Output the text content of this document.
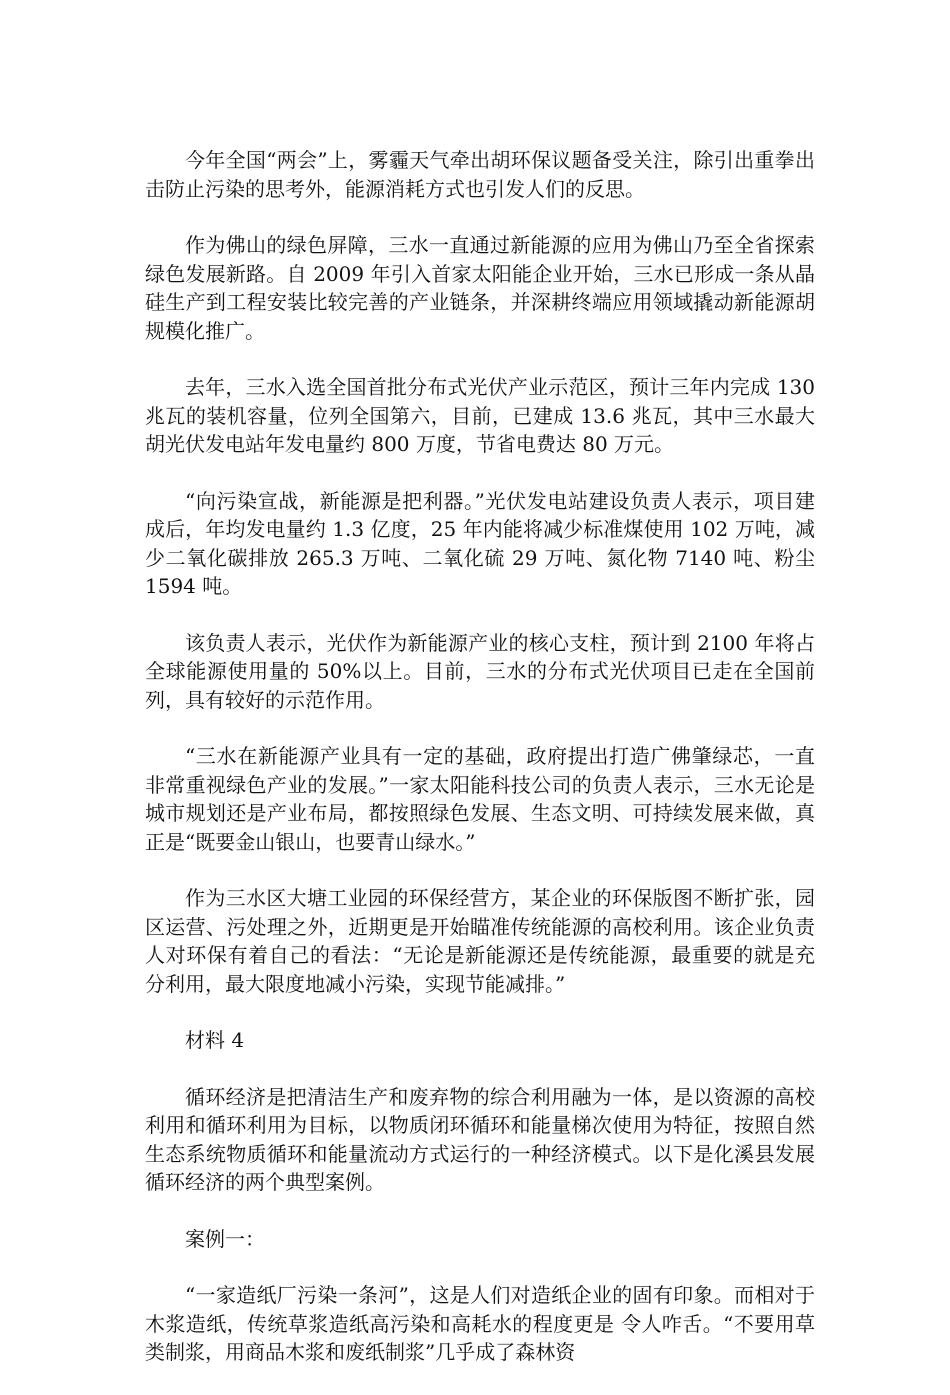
今年全国“两会”上，雾霾天气牵出胡环保议题备受关注，除引出重拳出击防止污染的思考外，能源消耗方式也引发人们的反思。

作为佛山的绿色屏障，三水一直通过新能源的应用为佛山乃至全省探索绿色发展新路。自 2009 年引入首家太阳能企业开始，三水已形成一条从晶硅生产到工程安装比较完善的产业链条，并深耕终端应用领域撬动新能源胡规模化推广。

去年，三水入选全国首批分布式光伏产业示范区，预计三年内完成 130 兆瓦的装机容量，位列全国第六，目前，已建成 13.6 兆瓦，其中三水最大胡光伏发电站年发电量约 800 万度，节省电费达 80 万元。

“向污染宣战，新能源是把利器。”光伏发电站建设负责人表示，项目建成后，年均发电量约 1.3 亿度，25 年内能将减少标准煤使用 102 万吨，减少二氧化碳排放 265.3 万吨、二氧化硫 29 万吨、氮化物 7140 吨、粉尘 1594 吨。

该负责人表示，光伏作为新能源产业的核心支柱，预计到 2100 年将占全球能源使用量的 50%以上。目前，三水的分布式光伏项目已走在全国前列，具有较好的示范作用。

“三水在新能源产业具有一定的基础，政府提出打造广佛肇绿芯，一直非常重视绿色产业的发展。”一家太阳能科技公司的负责人表示，三水无论是城市规划还是产业布局，都按照绿色发展、生态文明、可持续发展来做，真正是“既要金山银山，也要青山绿水。”

作为三水区大塘工业园的环保经营方，某企业的环保版图不断扩张，园区运营、污处理之外，近期更是开始瞄准传统能源的高校利用。该企业负责人对环保有着自己的看法：“无论是新能源还是传统能源，最重要的就是充分利用，最大限度地减小污染，实现节能减排。”

材料 4

循环经济是把清洁生产和废弃物的综合利用融为一体，是以资源的高校利用和循环利用为目标，以物质闭环循环和能量梯次使用为特征，按照自然生态系统物质循环和能量流动方式运行的一种经济模式。以下是化溪县发展循环经济的两个典型案例。

案例一：

“一家造纸厂污染一条河”，这是人们对造纸企业的固有印象。而相对于木浆造纸，传统草浆造纸高污染和高耗水的程度更是 令人咋舌。“不要用草类制浆，用商品木浆和废纸制浆”几乎成了森林资
